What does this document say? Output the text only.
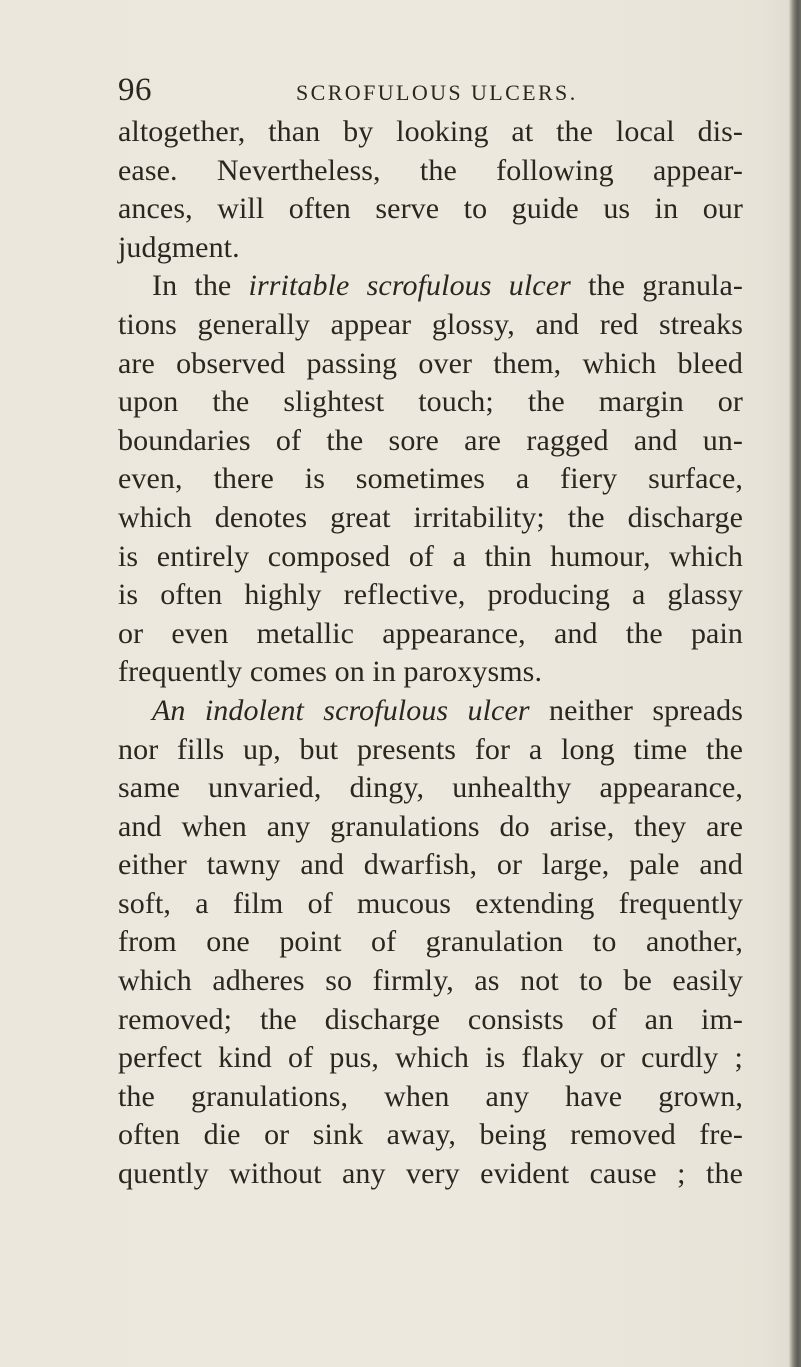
96	SCROFULOUS ULCERS.
altogether, than by looking at the local dis-
ease. Nevertheless, the following appear-
ances, will often serve to guide us in our
judgment.
In the irritable scrofulous ulcer the granula-
tions generally appear glossy, and red streaks
are observed passing over them, which bleed
upon the slightest touch; the margin or
boundaries of the sore are ragged and un-
even, there is sometimes a fiery surface,
which denotes great irritability; the discharge
is entirely composed of a thin humour, which
is often highly reflective, producing a glassy
or even metallic appearance, and the pain
frequently comes on in paroxysms.
An indolent scrofulous ulcer neither spreads
nor fills up, but presents for a long time the
same unvaried, dingy, unhealthy appearance,
and when any granulations do arise, they are
either tawny and dwarfish, or large, pale and
soft, a film of mucous extending frequently
from one point of granulation to another,
which adheres so firmly, as not to be easily
removed; the discharge consists of an im-
perfect kind of pus, which is flaky or curdly ;
the granulations, when any have grown,
often die or sink away, being removed fre-
quently without any very evident cause ; the
